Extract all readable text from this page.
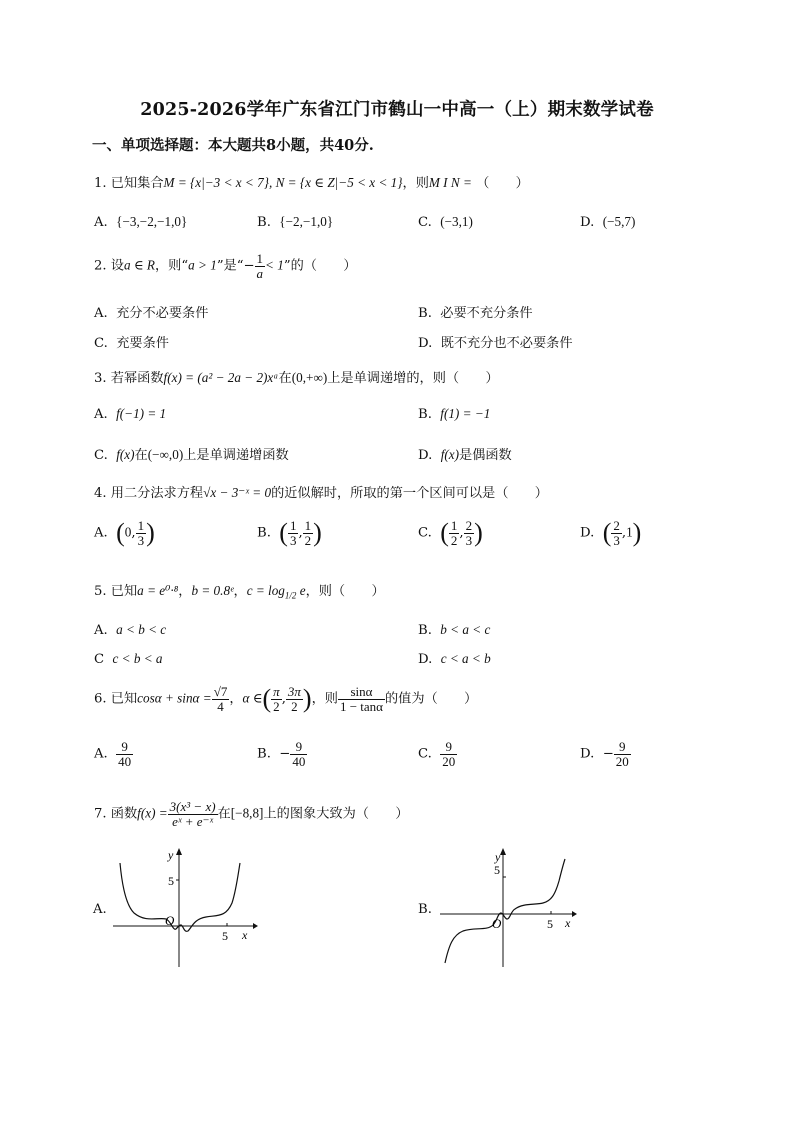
2025-2026学年广东省江门市鹤山一中高一（上）期末数学试卷
一、单项选择题：本大题共8小题，共40分.
1. 已知集合M = {x|−3 < x < 7}, N = {x ∈ Z|−5 < x < 1}，则M I N = （　　）
A. {−3,−2,−1,0}	B. {−2,−1,0}	C. (−3,1)	D. (−5,7)
2. 设a ∈ R，则“a > 1”是“− $\frac{1}{a} < 1$”的（　　）
A. 充分不必要条件	B. 必要不充分条件
C. 充要条件	D. 既不充分也不必要条件
3. 若幂函数f(x) = (a² − 2a − 2)xᵃ在(0,+∞)上是单调递增的，则（　　）
A. f(−1) = 1	B. f(1) = −1
C. f(x)在(−∞,0)上是单调递增函数	D. f(x)是偶函数
4. 用二分法求方程√x − 3⁻ˣ = 0的近似解时，所取的第一个区间可以是（　　）
A. (0, $\frac{1}{3}$ )	B. ( $\frac{1}{3}$ , $\frac{1}{2}$ )	C. ( $\frac{1}{2}$ , $\frac{2}{3}$ )	D. ( $\frac{2}{3} ,1$)
5. 已知a = e⁰·⁸，b = 0.8ᵉ，$c = \log_{1/2} e$，则（　　）
A. a < b < c	B. b < a < c
C c < b < a	D. c < a < b
6. 已知$\cos\alpha + \sin\alpha = \frac{√7}{4}$ ，α ∈( $\frac{\pi}{2}$ , $\frac{3\pi}{2}$ )，则 $\frac{\sin\alpha}{1 - \tan\alpha}$ 的值为（　　）
A. $\frac{9}{40}$	B. − $\frac{9}{40}$	C. $\frac{9}{20}$	D. − $\frac{9}{20}$
7. 函数$f(x) = \frac{\text{3(x³ − x)}}{\text{eˣ + e⁻ˣ}}$ 在[−8,8]上的图象大致为（　　）
A.
y
5
O
5 x
B.
y
5
O	5 x
